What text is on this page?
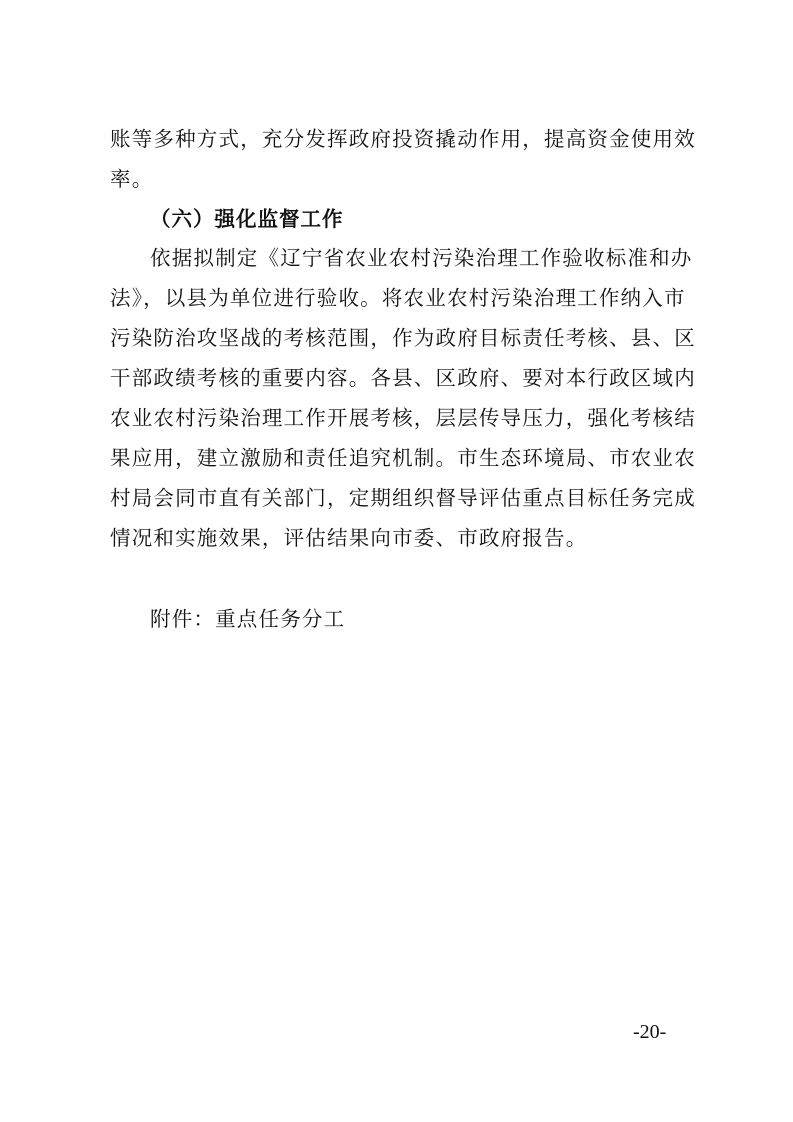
账等多种方式，充分发挥政府投资撬动作用，提高资金使用效
率。
（六）强化监督工作
依据拟制定《辽宁省农业农村污染治理工作验收标准和办
法》，以县为单位进行验收。将农业农村污染治理工作纳入市
污染防治攻坚战的考核范围，作为政府目标责任考核、县、区
干部政绩考核的重要内容。各县、区政府、要对本行政区域内
农业农村污染治理工作开展考核，层层传导压力，强化考核结
果应用，建立激励和责任追究机制。市生态环境局、市农业农
村局会同市直有关部门，定期组织督导评估重点目标任务完成
情况和实施效果，评估结果向市委、市政府报告。
附件：重点任务分工
-20-
